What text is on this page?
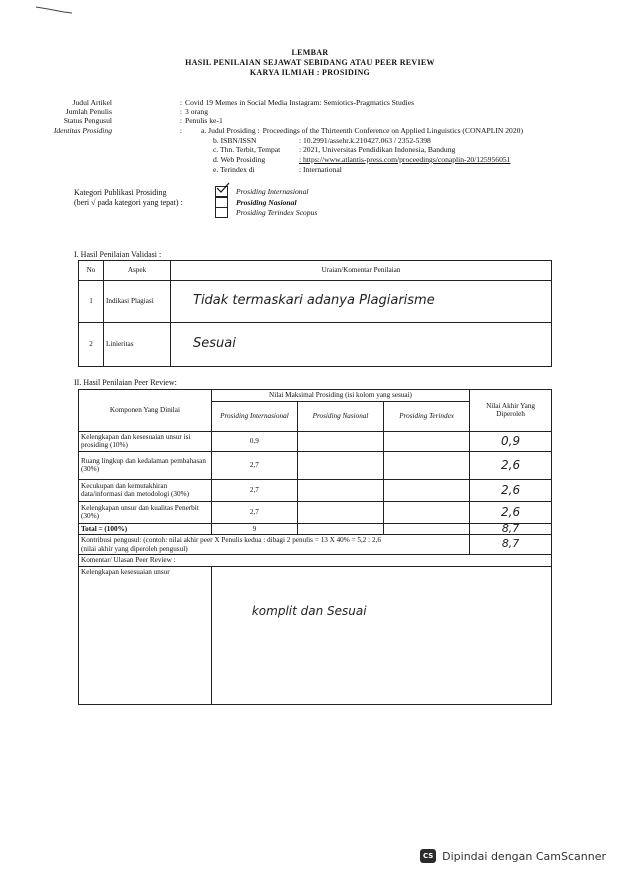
LEMBAR
HASIL PENILAIAN SEJAWAT SEBIDANG ATAU PEER REVIEW
KARYA ILMIAH : PROSIDING
Judul Artikel	: Covid 19 Memes in Social Media Instagram: Semiotics-Pragmatics Studies
Jumlah Penulis	: 3 orang
Status Pengusul	: Penulis ke-1
Identitas Prosiding	:	a. Judul Prosiding : Proceedings of the Thirteenth Conference on Applied Linguistics (CONAPLIN 2020)
b. ISBN/ISSN	: 10.2991/assehr.k.210427.063 / 2352-5398
c. Thn. Terbit, Tempat : 2021, Universitas Pendidikan Indonesia, Bandung
d. Web Prosiding	: https://www.atlantis-press.com/proceedings/conaplin-20/125956051
e. Terindex di	: International
Kategori Publikasi Prosiding
(beri √ pada kategori yang tepat) :
Prosiding Internasional
Prosiding Nasional
Prosiding Terindex Scopus
I. Hasil Penilaian Validasi :
No	Aspek	Uraian/Komentar Penilaian
1	Indikasi Plagiasi	Tidak termaskari adanya Plagiarisme
2	Linieritas	Sesuai
II. Hasil Penilaian Peer Review:
Komponen Yang Dinilai	Nilai Maksimal Prosiding (isi kolom yang sesuai)			Nilai Akhir Yang Diperoleh
	Prosiding Internasional	Prosiding Nasional	Prosiding Terindex	
Kelengkapan dan kesesuaian unsur isi prosiding (10%)	0,9			0,9
Ruang lingkup dan kedalaman pembahasan (30%)	2,7			2,6
Kecukupan dan kemutakhiran data/informasi dan metodologi (30%)	2,7			2,6
Kelengkapan unsur dan kualitas Penerbit (30%)	2,7			2,6
Total = (100%)	9			8,7

Kontribusi pengusul: (contoh: nilai akhir peer X Penulis kedua : dibagi 2 penulis = 13 X 40% = 5,2 : 2,6
(nilai akhir yang diperoleh pengusul)				8,7
Komentar/ Ulasan Peer Review :				
Kelengkapan kesesuaian unsur	komplit dan Sesuai			
CS Dipindai dengan CamScanner
